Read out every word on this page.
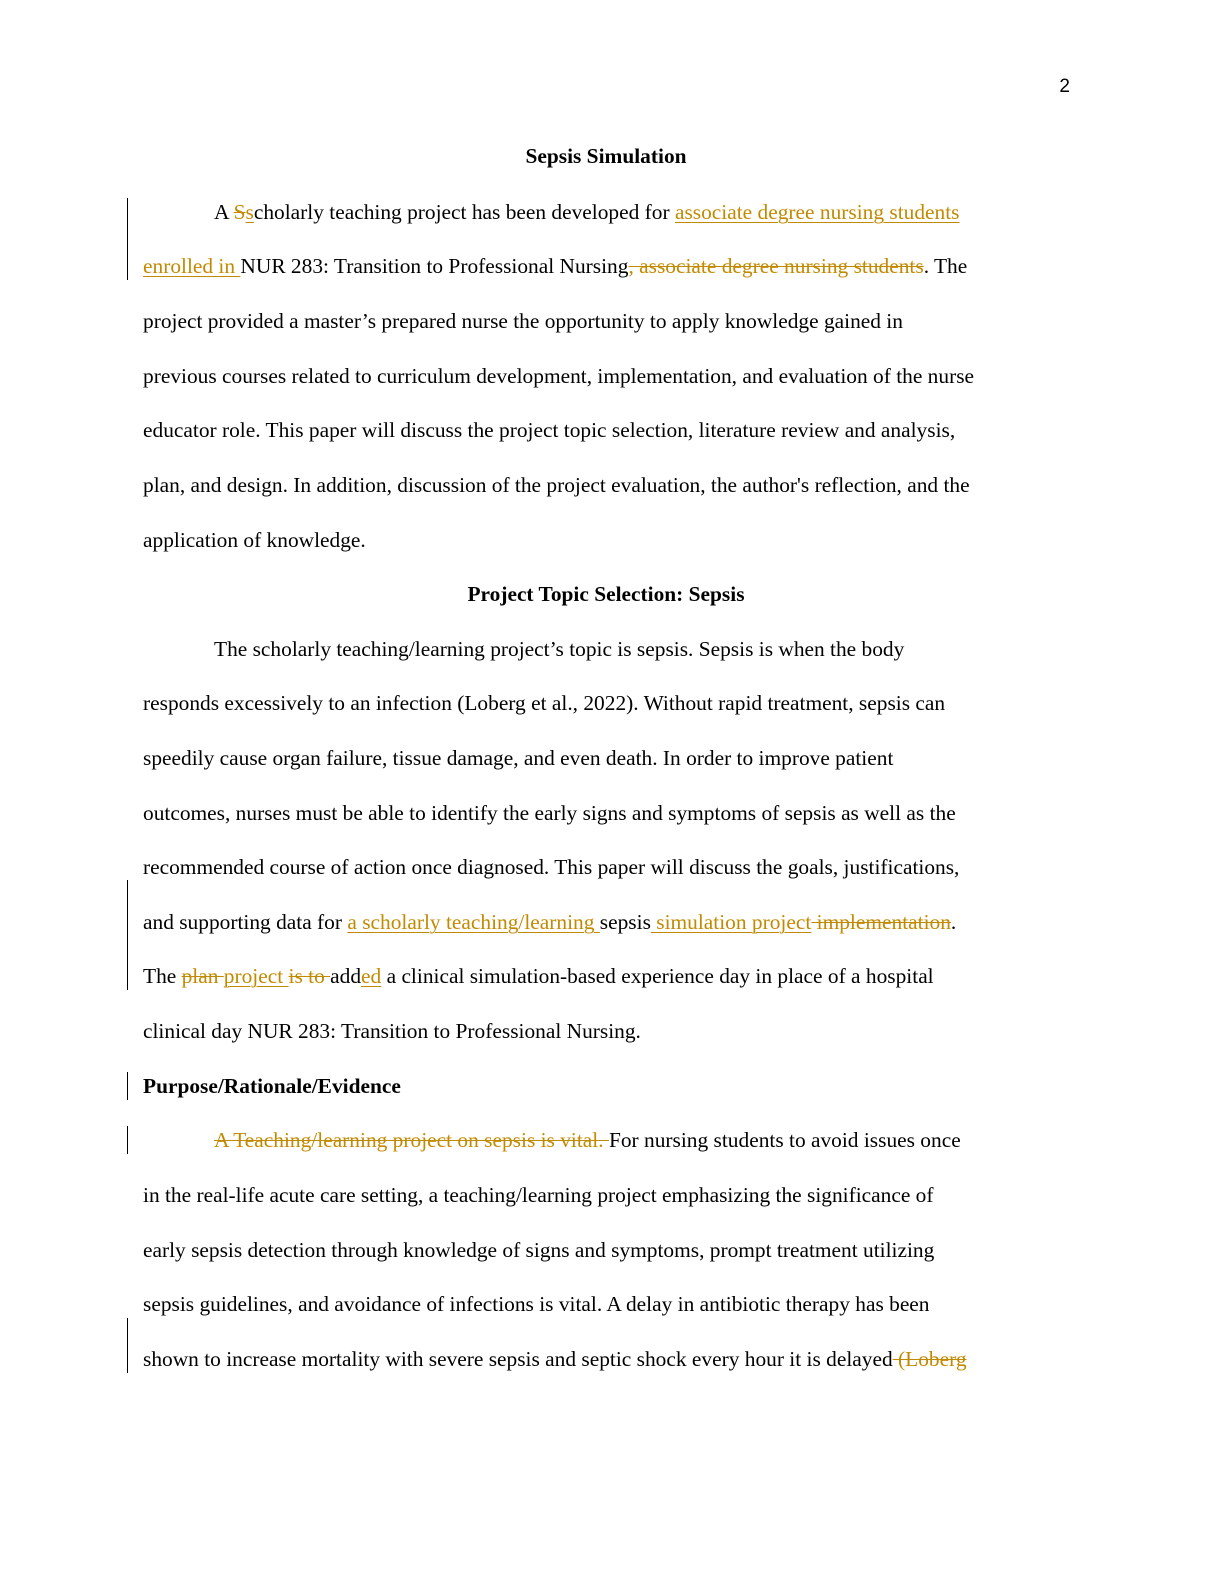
2
Sepsis Simulation
A Sscholarly teaching project has been developed for associate degree nursing students
enrolled in NUR 283: Transition to Professional Nursing, associate degree nursing students. The
project provided a master’s prepared nurse the opportunity to apply knowledge gained in
previous courses related to curriculum development, implementation, and evaluation of the nurse
educator role. This paper will discuss the project topic selection, literature review and analysis,
plan, and design. In addition, discussion of the project evaluation, the author's reflection, and the
application of knowledge.
Project Topic Selection: Sepsis
The scholarly teaching/learning project’s topic is sepsis. Sepsis is when the body
responds excessively to an infection (Loberg et al., 2022). Without rapid treatment, sepsis can
speedily cause organ failure, tissue damage, and even death. In order to improve patient
outcomes, nurses must be able to identify the early signs and symptoms of sepsis as well as the
recommended course of action once diagnosed. This paper will discuss the goals, justifications,
and supporting data for a scholarly teaching/learning sepsis simulation project implementation.
The plan project is to added a clinical simulation-based experience day in place of a hospital
clinical day NUR 283: Transition to Professional Nursing.
Purpose/Rationale/Evidence
A Teaching/learning project on sepsis is vital. For nursing students to avoid issues once
in the real-life acute care setting, a teaching/learning project emphasizing the significance of
early sepsis detection through knowledge of signs and symptoms, prompt treatment utilizing
sepsis guidelines, and avoidance of infections is vital. A delay in antibiotic therapy has been
shown to increase mortality with severe sepsis and septic shock every hour it is delayed (Loberg
